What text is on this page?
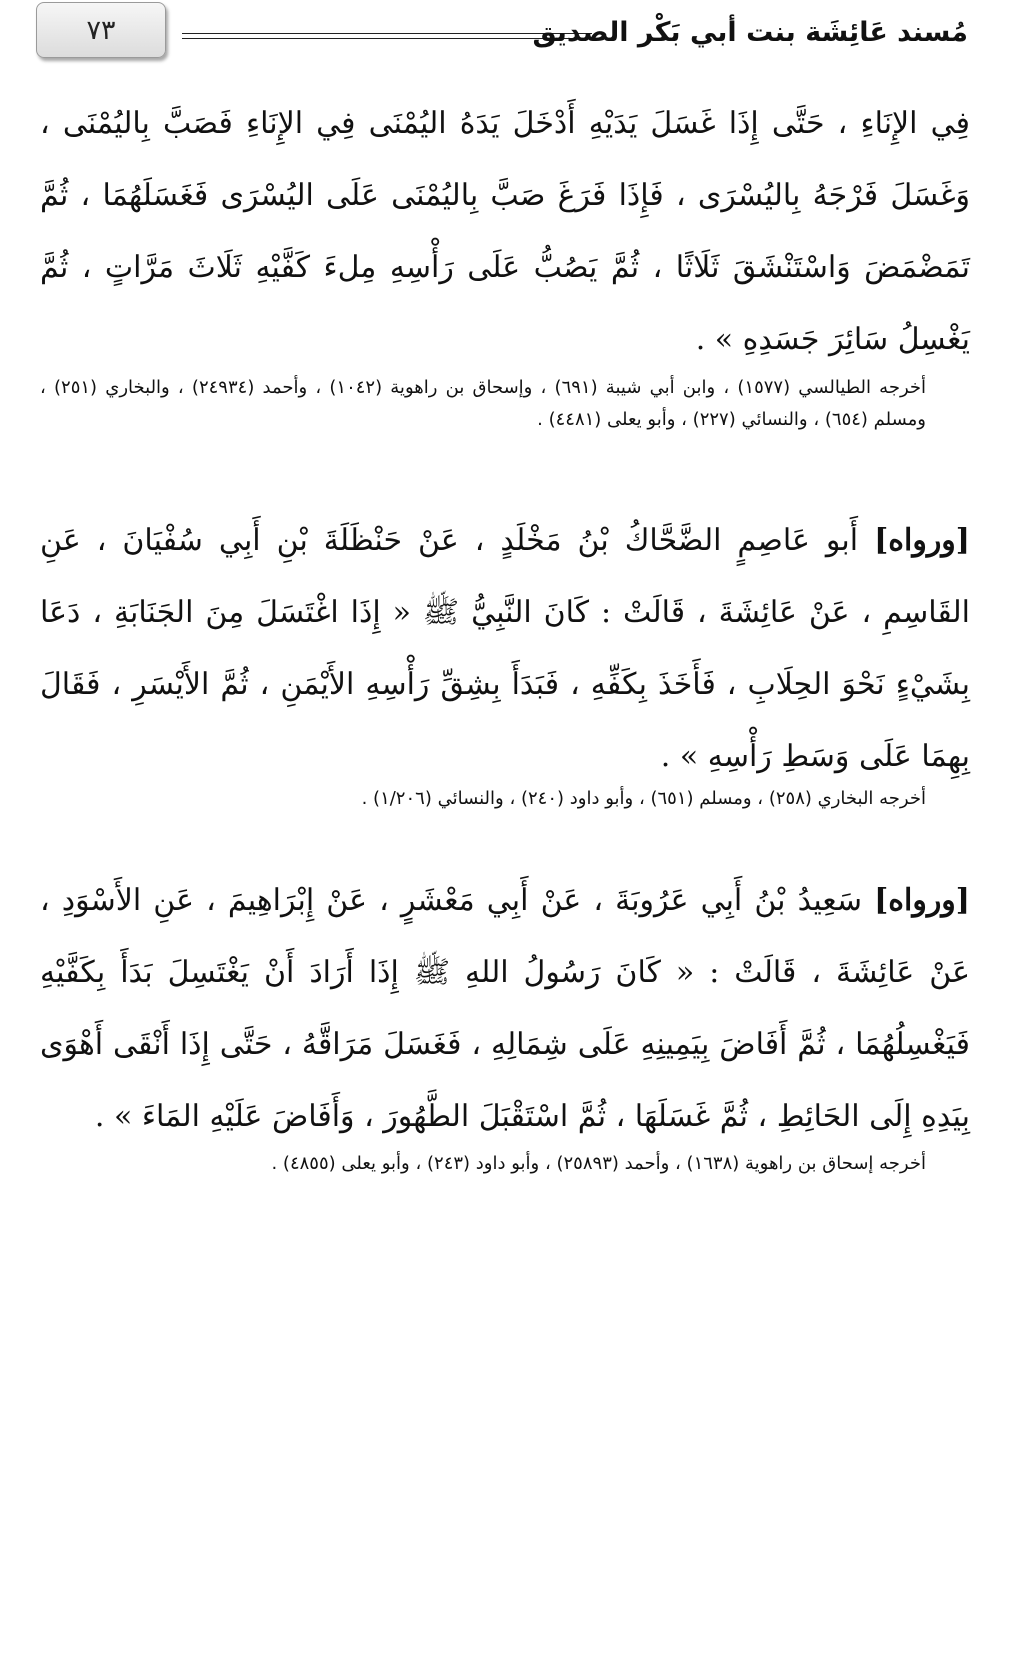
٧٣	مُسند عَائِشَة بنت أبي بَكْر الصديق
فِي الإِنَاءِ ، حَتَّى إِذَا غَسَلَ يَدَيْهِ أَدْخَلَ يَدَهُ اليُمْنَى فِي الإِنَاءِ فَصَبَّ بِاليُمْنَى ، وَغَسَلَ فَرْجَهُ بِاليُسْرَى ، فَإِذَا فَرَغَ صَبَّ بِاليُمْنَى عَلَى اليُسْرَى فَغَسَلَهُمَا ، ثُمَّ تَمَضْمَضَ وَاسْتَنْشَقَ ثَلَاثًا ، ثُمَّ يَصُبُّ عَلَى رَأْسِهِ مِلءَ كَفَّيْهِ ثَلَاثَ مَرَّاتٍ ، ثُمَّ يَغْسِلُ سَائِرَ جَسَدِهِ » .
أخرجه الطيالسي (١٥٧٧) ، وابن أبي شيبة (٦٩١) ، وإسحاق بن راهوية (١٠٤٢) ، وأحمد (٢٤٩٣٤) ، والبخاري (٢٥١) ، ومسلم (٦٥٤) ، والنسائي (٢٢٧) ، وأبو يعلى (٤٤٨١) .
[ورواه] أَبو عَاصِمٍ الضَّحَّاكُ بْنُ مَخْلَدٍ ، عَنْ حَنْظَلَةَ بْنِ أَبِي سُفْيَانَ ، عَنِ القَاسِمِ ، عَنْ عَائِشَةَ ، قَالَتْ : كَانَ النَّبِيُّ ﷺ « إِذَا اغْتَسَلَ مِنَ الجَنَابَةِ ، دَعَا بِشَيْءٍ نَحْوَ الحِلَابِ ، فَأَخَذَ بِكَفِّهِ ، فَبَدَأَ بِشِقِّ رَأْسِهِ الأَيْمَنِ ، ثُمَّ الأَيْسَرِ ، فَقَالَ بِهِمَا عَلَى وَسَطِ رَأْسِهِ » .
أخرجه البخاري (٢٥٨) ، ومسلم (٦٥١) ، وأبو داود (٢٤٠) ، والنسائي (١/٢٠٦) .
[ورواه] سَعِيدُ بْنُ أَبِي عَرُوبَةَ ، عَنْ أَبِي مَعْشَرٍ ، عَنْ إِبْرَاهِيمَ ، عَنِ الأَسْوَدِ ، عَنْ عَائِشَةَ ، قَالَتْ : « كَانَ رَسُولُ اللهِ ﷺ إِذَا أَرَادَ أَنْ يَغْتَسِلَ بَدَأَ بِكَفَّيْهِ فَيَغْسِلُهُمَا ، ثُمَّ أَفَاضَ بِيَمِينِهِ عَلَى شِمَالِهِ ، فَغَسَلَ مَرَاقَّهُ ، حَتَّى إِذَا أَنْقَى أَهْوَى بِيَدِهِ إِلَى الحَائِطِ ، ثُمَّ غَسَلَهَا ، ثُمَّ اسْتَقْبَلَ الطَّهُورَ ، وَأَفَاضَ عَلَيْهِ المَاءَ » .
أخرجه إسحاق بن راهوية (١٦٣٨) ، وأحمد (٢٥٨٩٣) ، وأبو داود (٢٤٣) ، وأبو يعلى (٤٨٥٥) .
